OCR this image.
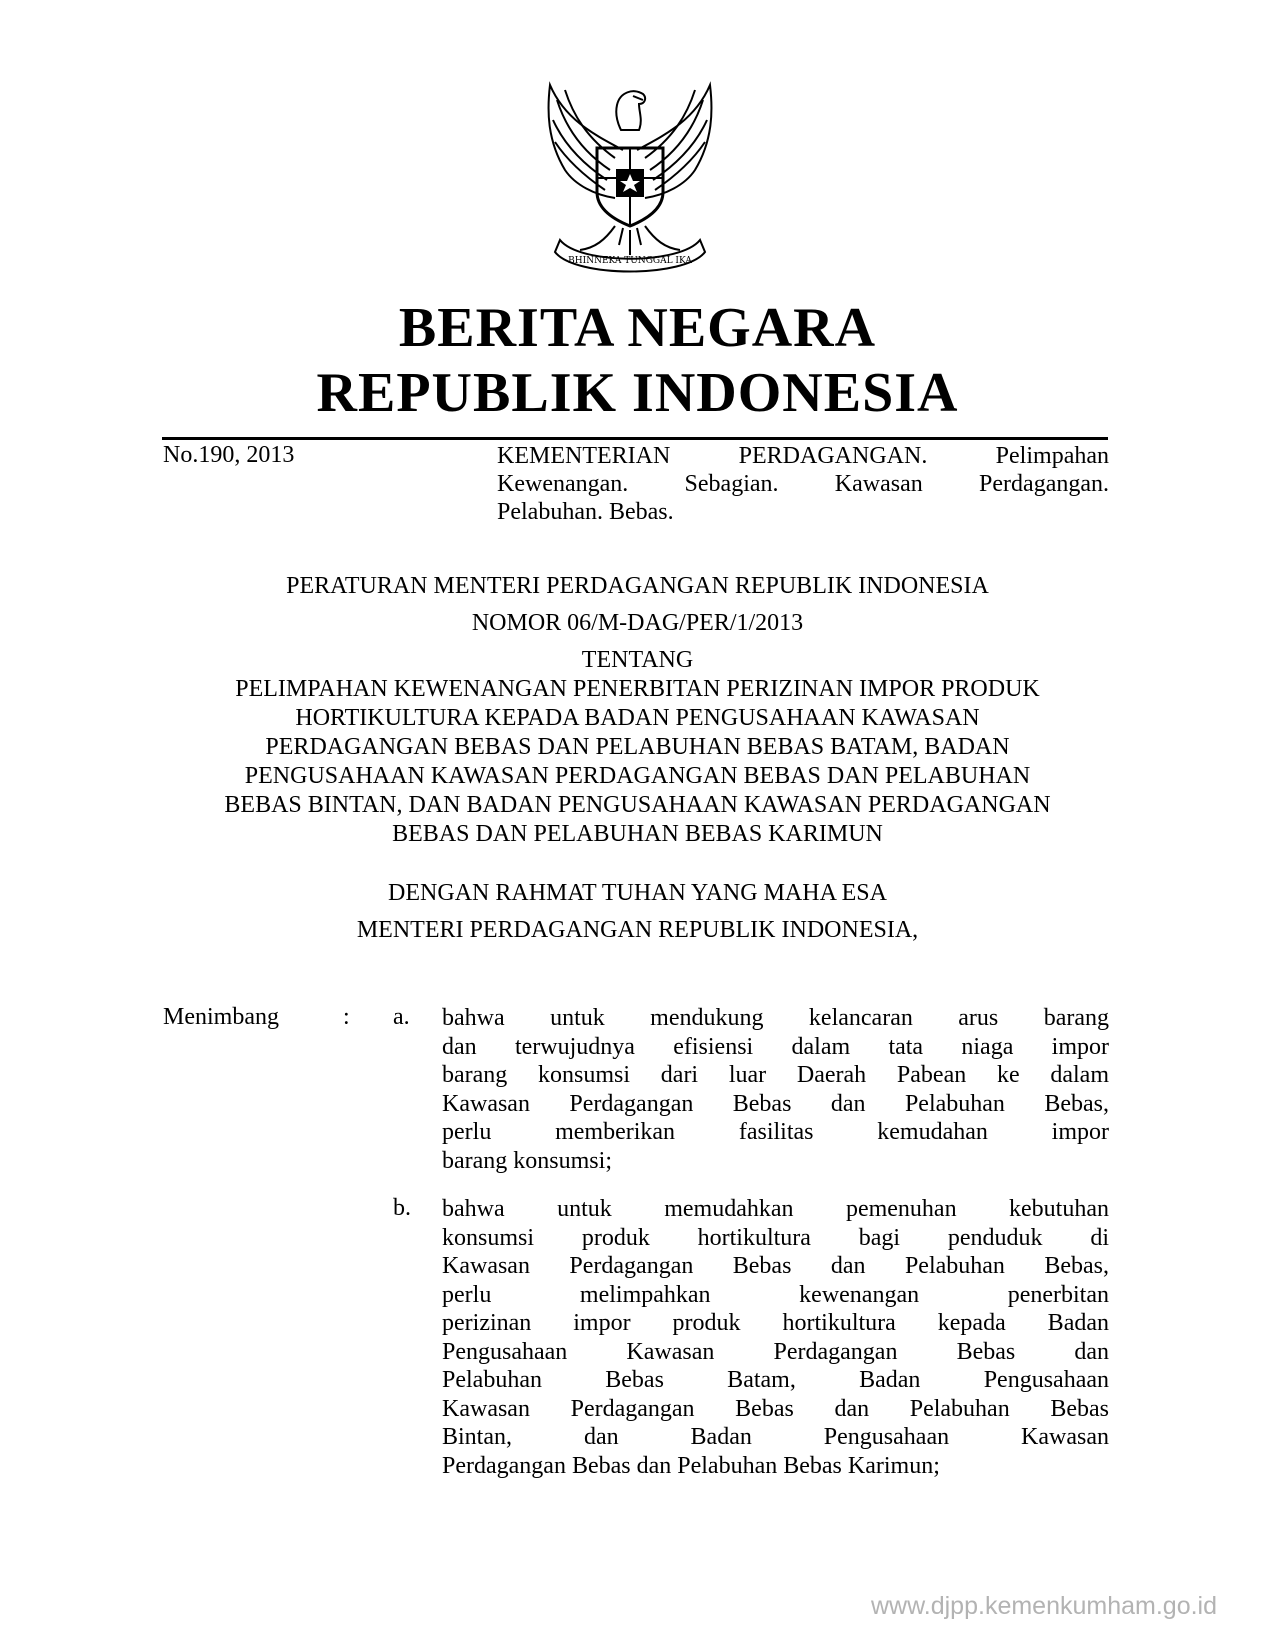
BHINNEKA TUNGGAL IKA
BERITA NEGARA
REPUBLIK INDONESIA
No.190, 2013	KEMENTERIAN PERDAGANGAN. Pelimpahan
Kewenangan. Sebagian. Kawasan Perdagangan.
Pelabuhan. Bebas.
PERATURAN MENTERI PERDAGANGAN REPUBLIK INDONESIA
NOMOR 06/M-DAG/PER/1/2013
TENTANG
PELIMPAHAN KEWENANGAN PENERBITAN PERIZINAN IMPOR PRODUK
HORTIKULTURA KEPADA BADAN PENGUSAHAAN KAWASAN
PERDAGANGAN BEBAS DAN PELABUHAN BEBAS BATAM, BADAN
PENGUSAHAAN KAWASAN PERDAGANGAN BEBAS DAN PELABUHAN
BEBAS BINTAN, DAN BADAN PENGUSAHAAN KAWASAN PERDAGANGAN
BEBAS DAN PELABUHAN BEBAS KARIMUN
DENGAN RAHMAT TUHAN YANG MAHA ESA
MENTERI PERDAGANGAN REPUBLIK INDONESIA,
Menimbang	: a. bahwa untuk mendukung kelancaran arus barang
dan terwujudnya efisiensi dalam tata niaga impor
barang konsumsi dari luar Daerah Pabean ke dalam
Kawasan Perdagangan Bebas dan Pelabuhan Bebas,
perlu memberikan fasilitas kemudahan impor
barang konsumsi;
b. bahwa untuk memudahkan pemenuhan kebutuhan
konsumsi produk hortikultura bagi penduduk di
Kawasan Perdagangan Bebas dan Pelabuhan Bebas,
perlu melimpahkan kewenangan penerbitan
perizinan impor produk hortikultura kepada Badan
Pengusahaan Kawasan Perdagangan Bebas dan
Pelabuhan Bebas Batam, Badan Pengusahaan
Kawasan Perdagangan Bebas dan Pelabuhan Bebas
Bintan, dan Badan Pengusahaan Kawasan
Perdagangan Bebas dan Pelabuhan Bebas Karimun;
www.djpp.kemenkumham.go.id
